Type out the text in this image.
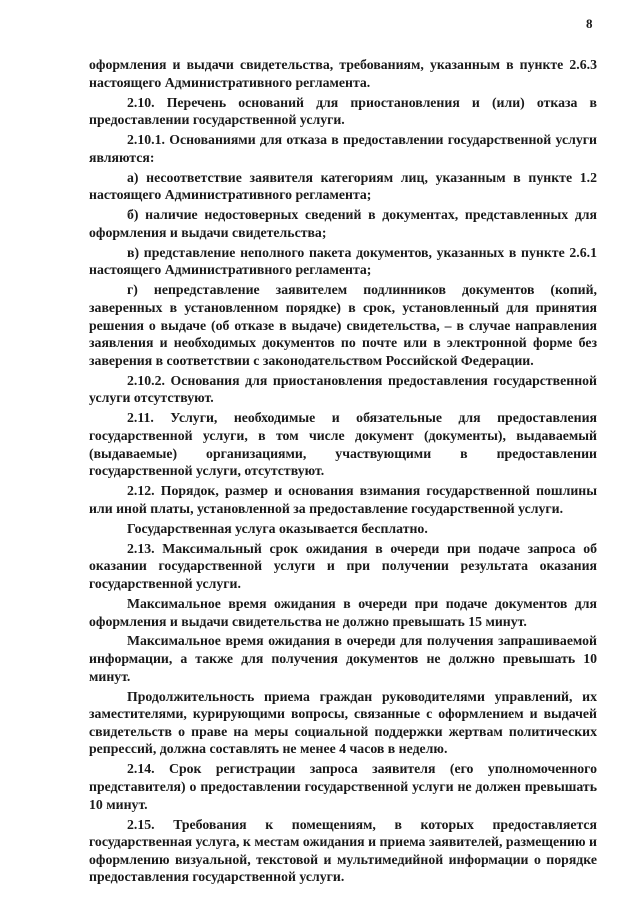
8

оформления и выдачи свидетельства, требованиям, указанным в пункте 2.6.3 настоящего Административного регламента.

2.10. Перечень оснований для приостановления и (или) отказа в предоставлении государственной услуги.

2.10.1. Основаниями для отказа в предоставлении государственной услуги являются:

а) несоответствие заявителя категориям лиц, указанным в пункте 1.2 настоящего Административного регламента;

б) наличие недостоверных сведений в документах, представленных для оформления и выдачи свидетельства;

в) представление неполного пакета документов, указанных в пункте 2.6.1 настоящего Административного регламента;

г) непредставление заявителем подлинников документов (копий, заверенных в установленном порядке) в срок, установленный для принятия решения о выдаче (об отказе в выдаче) свидетельства, – в случае направления заявления и необходимых документов по почте или в электронной форме без заверения в соответствии с законодательством Российской Федерации.

2.10.2. Основания для приостановления предоставления государственной услуги отсутствуют.

2.11. Услуги, необходимые и обязательные для предоставления государственной услуги, в том числе документ (документы), выдаваемый (выдаваемые) организациями, участвующими в предоставлении государственной услуги, отсутствуют.

2.12. Порядок, размер и основания взимания государственной пошлины или иной платы, установленной за предоставление государственной услуги.

Государственная услуга оказывается бесплатно.

2.13. Максимальный срок ожидания в очереди при подаче запроса об оказании государственной услуги и при получении результата оказания государственной услуги.

Максимальное время ожидания в очереди при подаче документов для оформления и выдачи свидетельства не должно превышать 15 минут.

Максимальное время ожидания в очереди для получения запрашиваемой информации, а также для получения документов не должно превышать 10 минут.

Продолжительность приема граждан руководителями управлений, их заместителями, курирующими вопросы, связанные с оформлением и выдачей свидетельств о праве на меры социальной поддержки жертвам политических репрессий, должна составлять не менее 4 часов в неделю.

2.14. Срок регистрации запроса заявителя (его уполномоченного представителя) о предоставлении государственной услуги не должен превышать 10 минут.

2.15. Требования к помещениям, в которых предоставляется государственная услуга, к местам ожидания и приема заявителей, размещению и оформлению визуальной, текстовой и мультимедийной информации о порядке предоставления государственной услуги.
